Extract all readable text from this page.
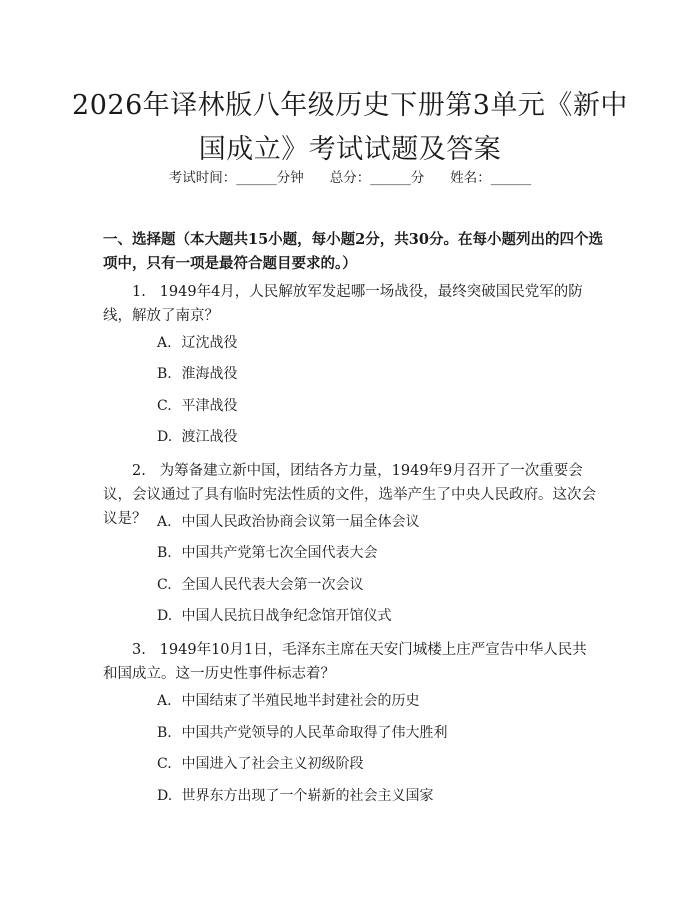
2026年译林版八年级历史下册第3单元《新中国成立》考试试题及答案
考试时间：______分钟 总分：______分 姓名：______
一、选择题（本大题共15小题，每小题2分，共30分。在每小题列出的四个选项中，只有一项是最符合题目要求的。）
1.   1949年4月，人民解放军发起哪一场战役，最终突破国民党军的防线，解放了南京？
A. 辽沈战役
B. 淮海战役
C. 平津战役
D. 渡江战役
2.   为筹备建立新中国，团结各方力量，1949年9月召开了一次重要会议，会议通过了具有临时宪法性质的文件，选举产生了中央人民政府。这次会议是？ A. 中国人民政治协商会议第一届全体会议
B. 中国共产党第七次全国代表大会
C. 全国人民代表大会第一次会议
D. 中国人民抗日战争纪念馆开馆仪式
3.   1949年10月1日，毛泽东主席在天安门城楼上庄严宣告中华人民共和国成立。这一历史性事件标志着？
A. 中国结束了半殖民地半封建社会的历史
B. 中国共产党领导的人民革命取得了伟大胜利
C. 中国进入了社会主义初级阶段
D. 世界东方出现了一个崭新的社会主义国家
